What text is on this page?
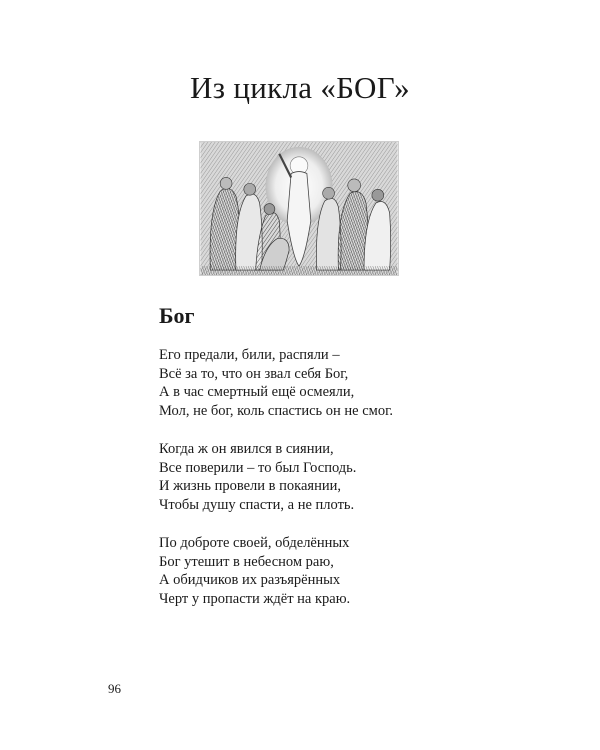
Из цикла «БОГ»
Бог
Его предали, били, распяли –
Всё за то, что он звал себя Бог,
А в час смертный ещё осмеяли,
Мол, не бог, коль спастись он не смог.
Когда ж он явился в сиянии,
Все поверили – то был Господь.
И жизнь провели в покаянии,
Чтобы душу спасти, а не плоть.
По доброте своей, обделённых
Бог утешит в небесном раю,
А обидчиков их разъярённых
Черт у пропасти ждёт на краю.
96
